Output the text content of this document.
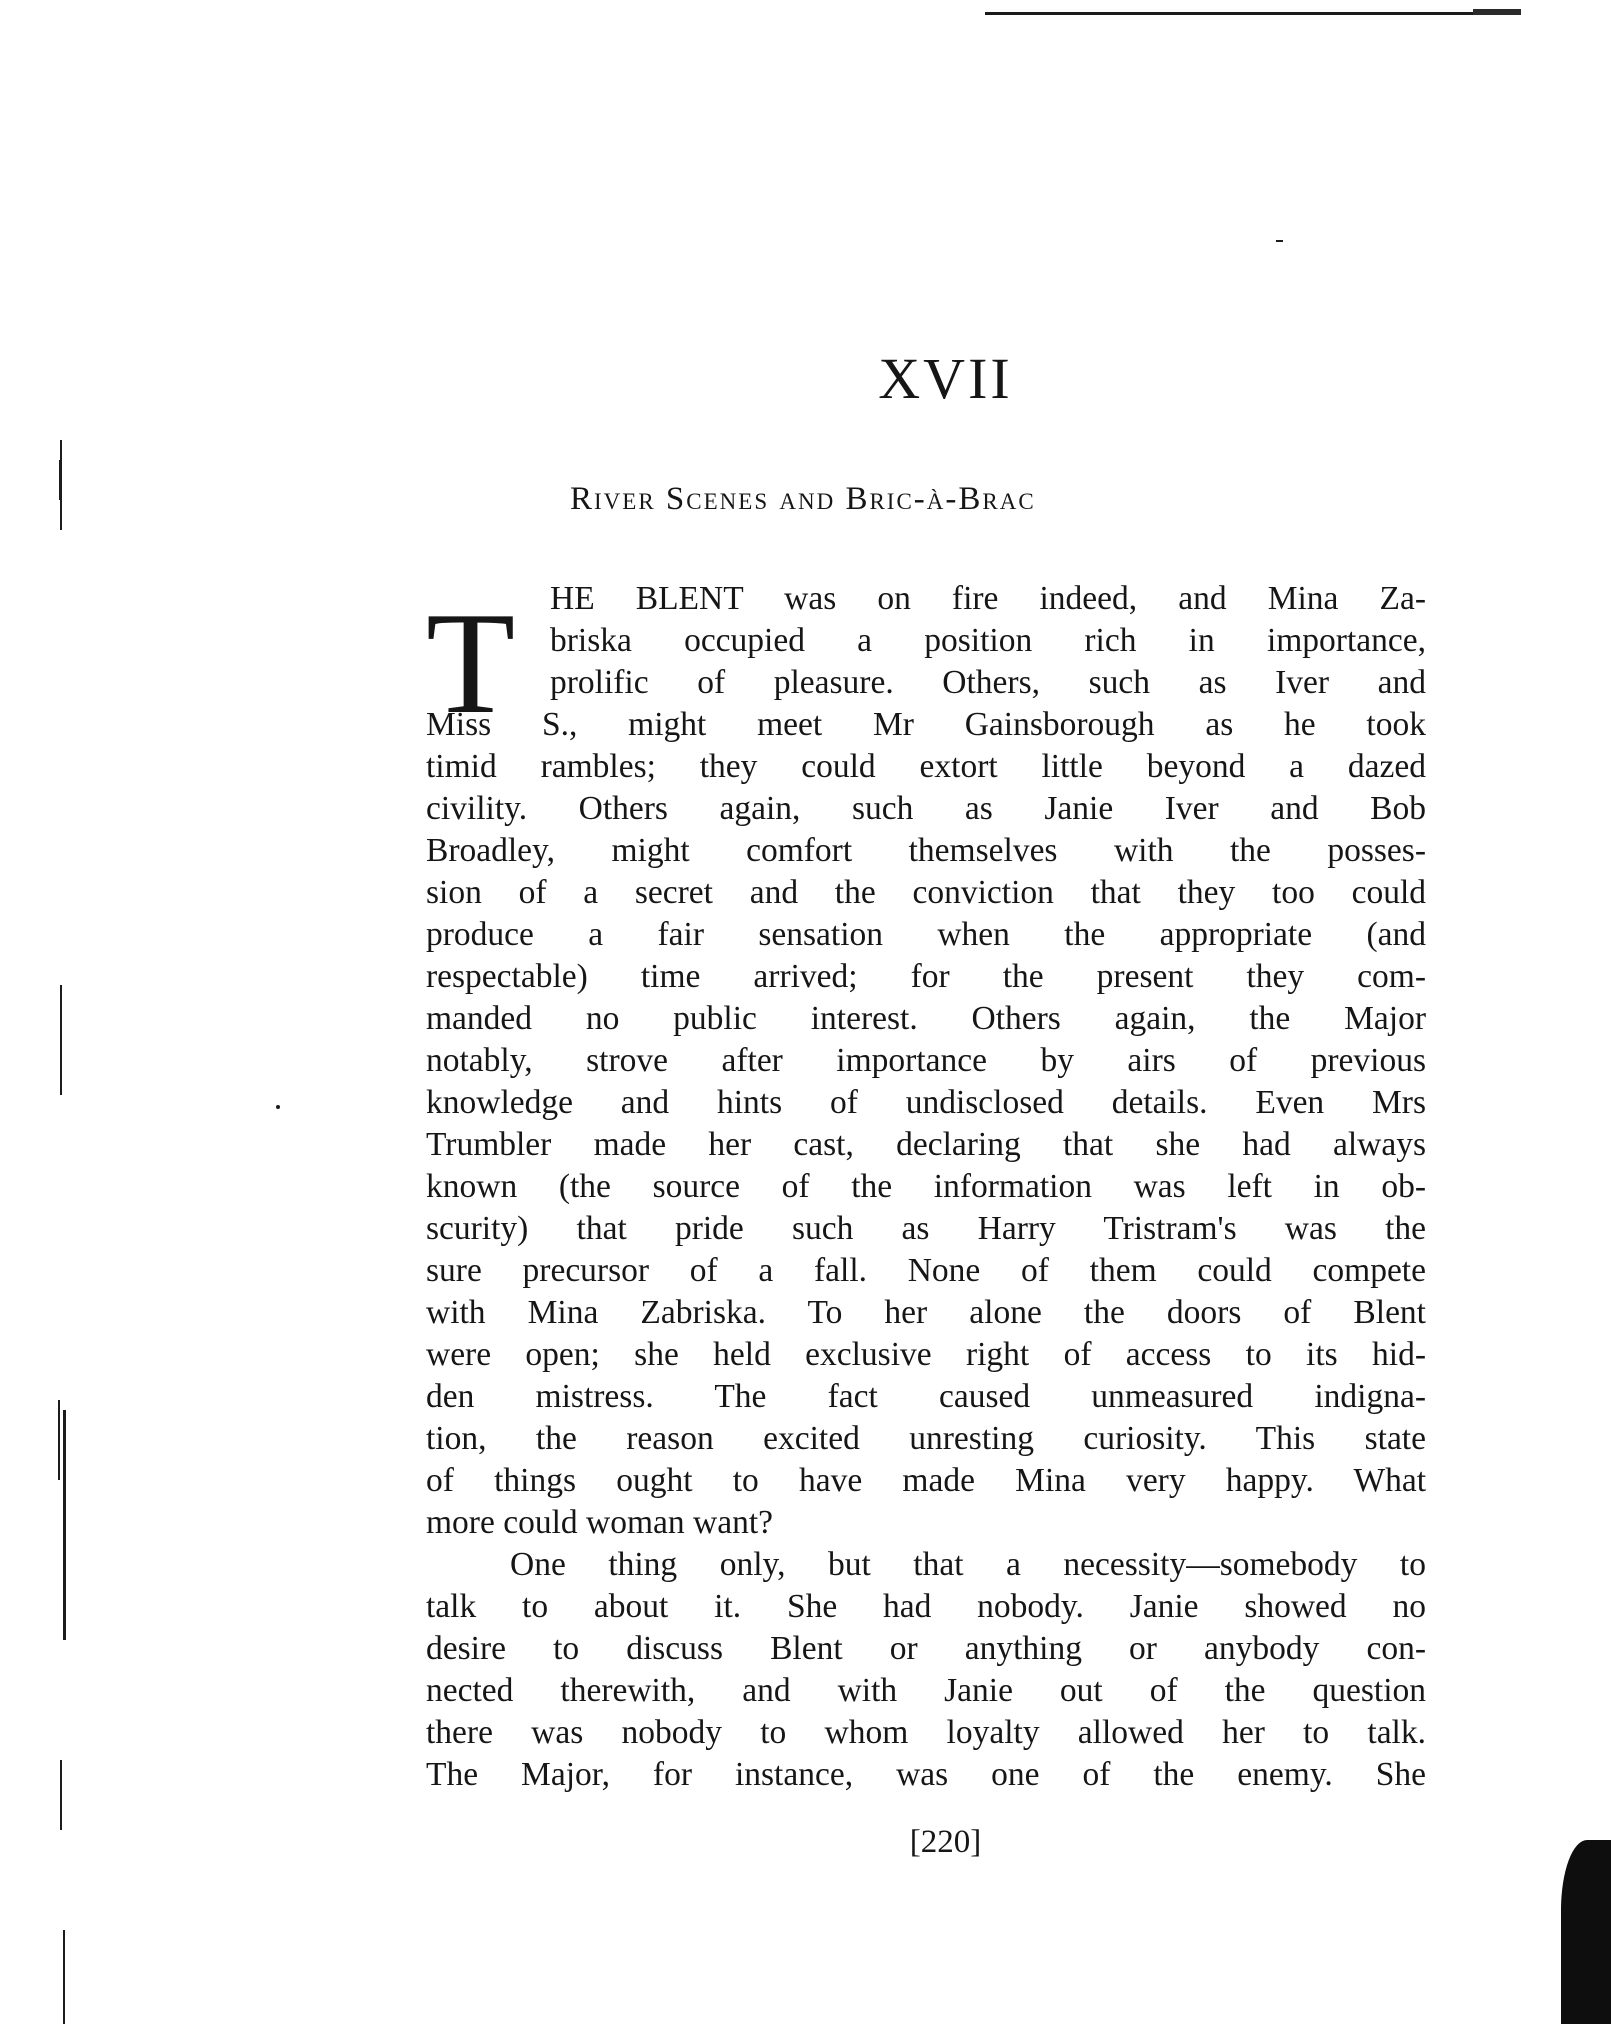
XVII
River Scenes and Bric-à-Brac
T	HE BLENT was on fire indeed, and Mina Za-
briska occupied a position rich in importance,
prolific of pleasure. Others, such as Iver and
Miss S., might meet Mr Gainsborough as he took
timid rambles; they could extort little beyond a dazed
civility. Others again, such as Janie Iver and Bob
Broadley, might comfort themselves with the posses-
sion of a secret and the conviction that they too could
produce a fair sensation when the appropriate (and
respectable) time arrived; for the present they com-
manded no public interest. Others again, the Major
notably, strove after importance by airs of previous
knowledge and hints of undisclosed details. Even Mrs
Trumbler made her cast, declaring that she had always
known (the source of the information was left in ob-
scurity) that pride such as Harry Tristram's was the
sure precursor of a fall. None of them could compete
with Mina Zabriska. To her alone the doors of Blent
were open; she held exclusive right of access to its hid-
den mistress. The fact caused unmeasured indigna-
tion, the reason excited unresting curiosity. This state
of things ought to have made Mina very happy. What
more could woman want?
One thing only, but that a necessity—somebody to
talk to about it. She had nobody. Janie showed no
desire to discuss Blent or anything or anybody con-
nected therewith, and with Janie out of the question
there was nobody to whom loyalty allowed her to talk.
The Major, for instance, was one of the enemy. She
[220]
